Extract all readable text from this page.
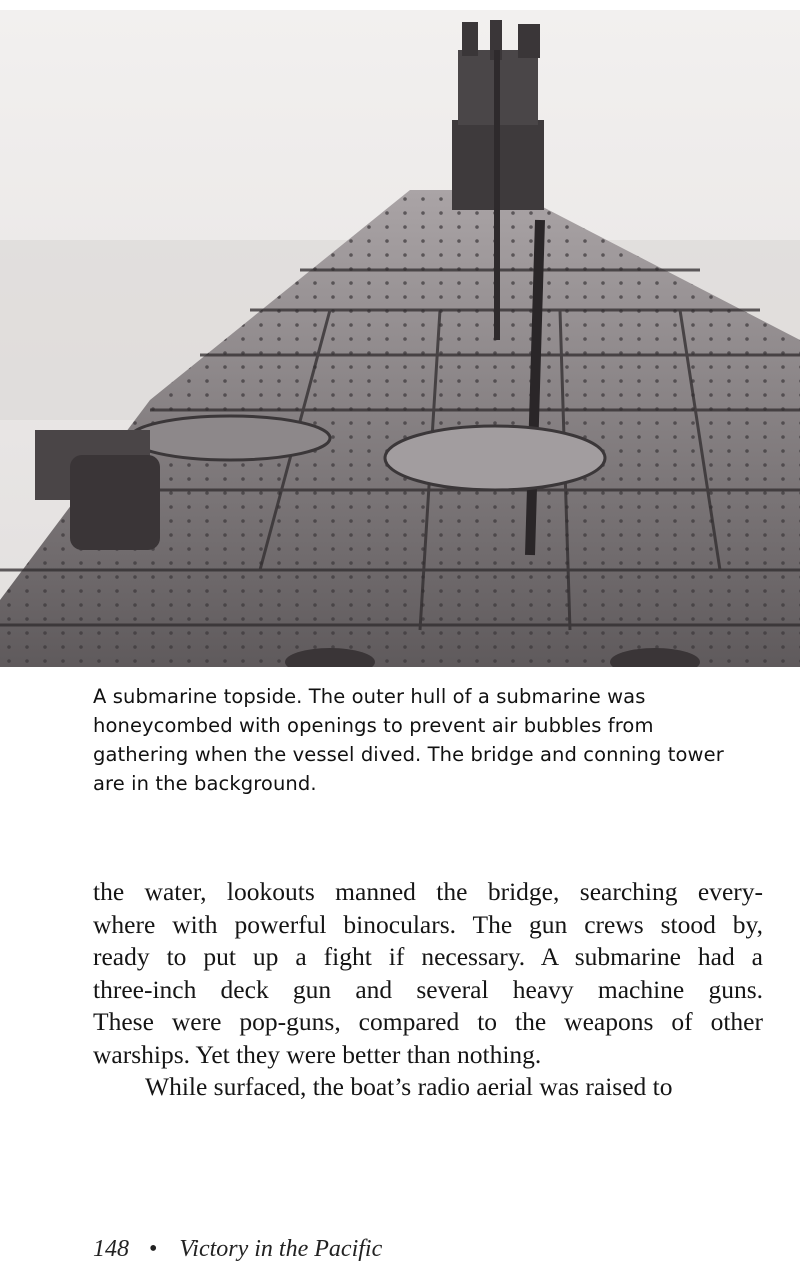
A submarine topside. The outer hull of a submarine was honeycombed with openings to prevent air bubbles from gathering when the vessel dived. The bridge and conning tower are in the background.
the water, lookouts manned the bridge, searching every-
where with powerful binoculars. The gun crews stood by,
ready to put up a fight if necessary. A submarine had a
three-inch deck gun and several heavy machine guns.
These were pop-guns, compared to the weapons of other
warships. Yet they were better than nothing.
While surfaced, the boat’s radio aerial was raised to
148 • Victory in the Pacific
